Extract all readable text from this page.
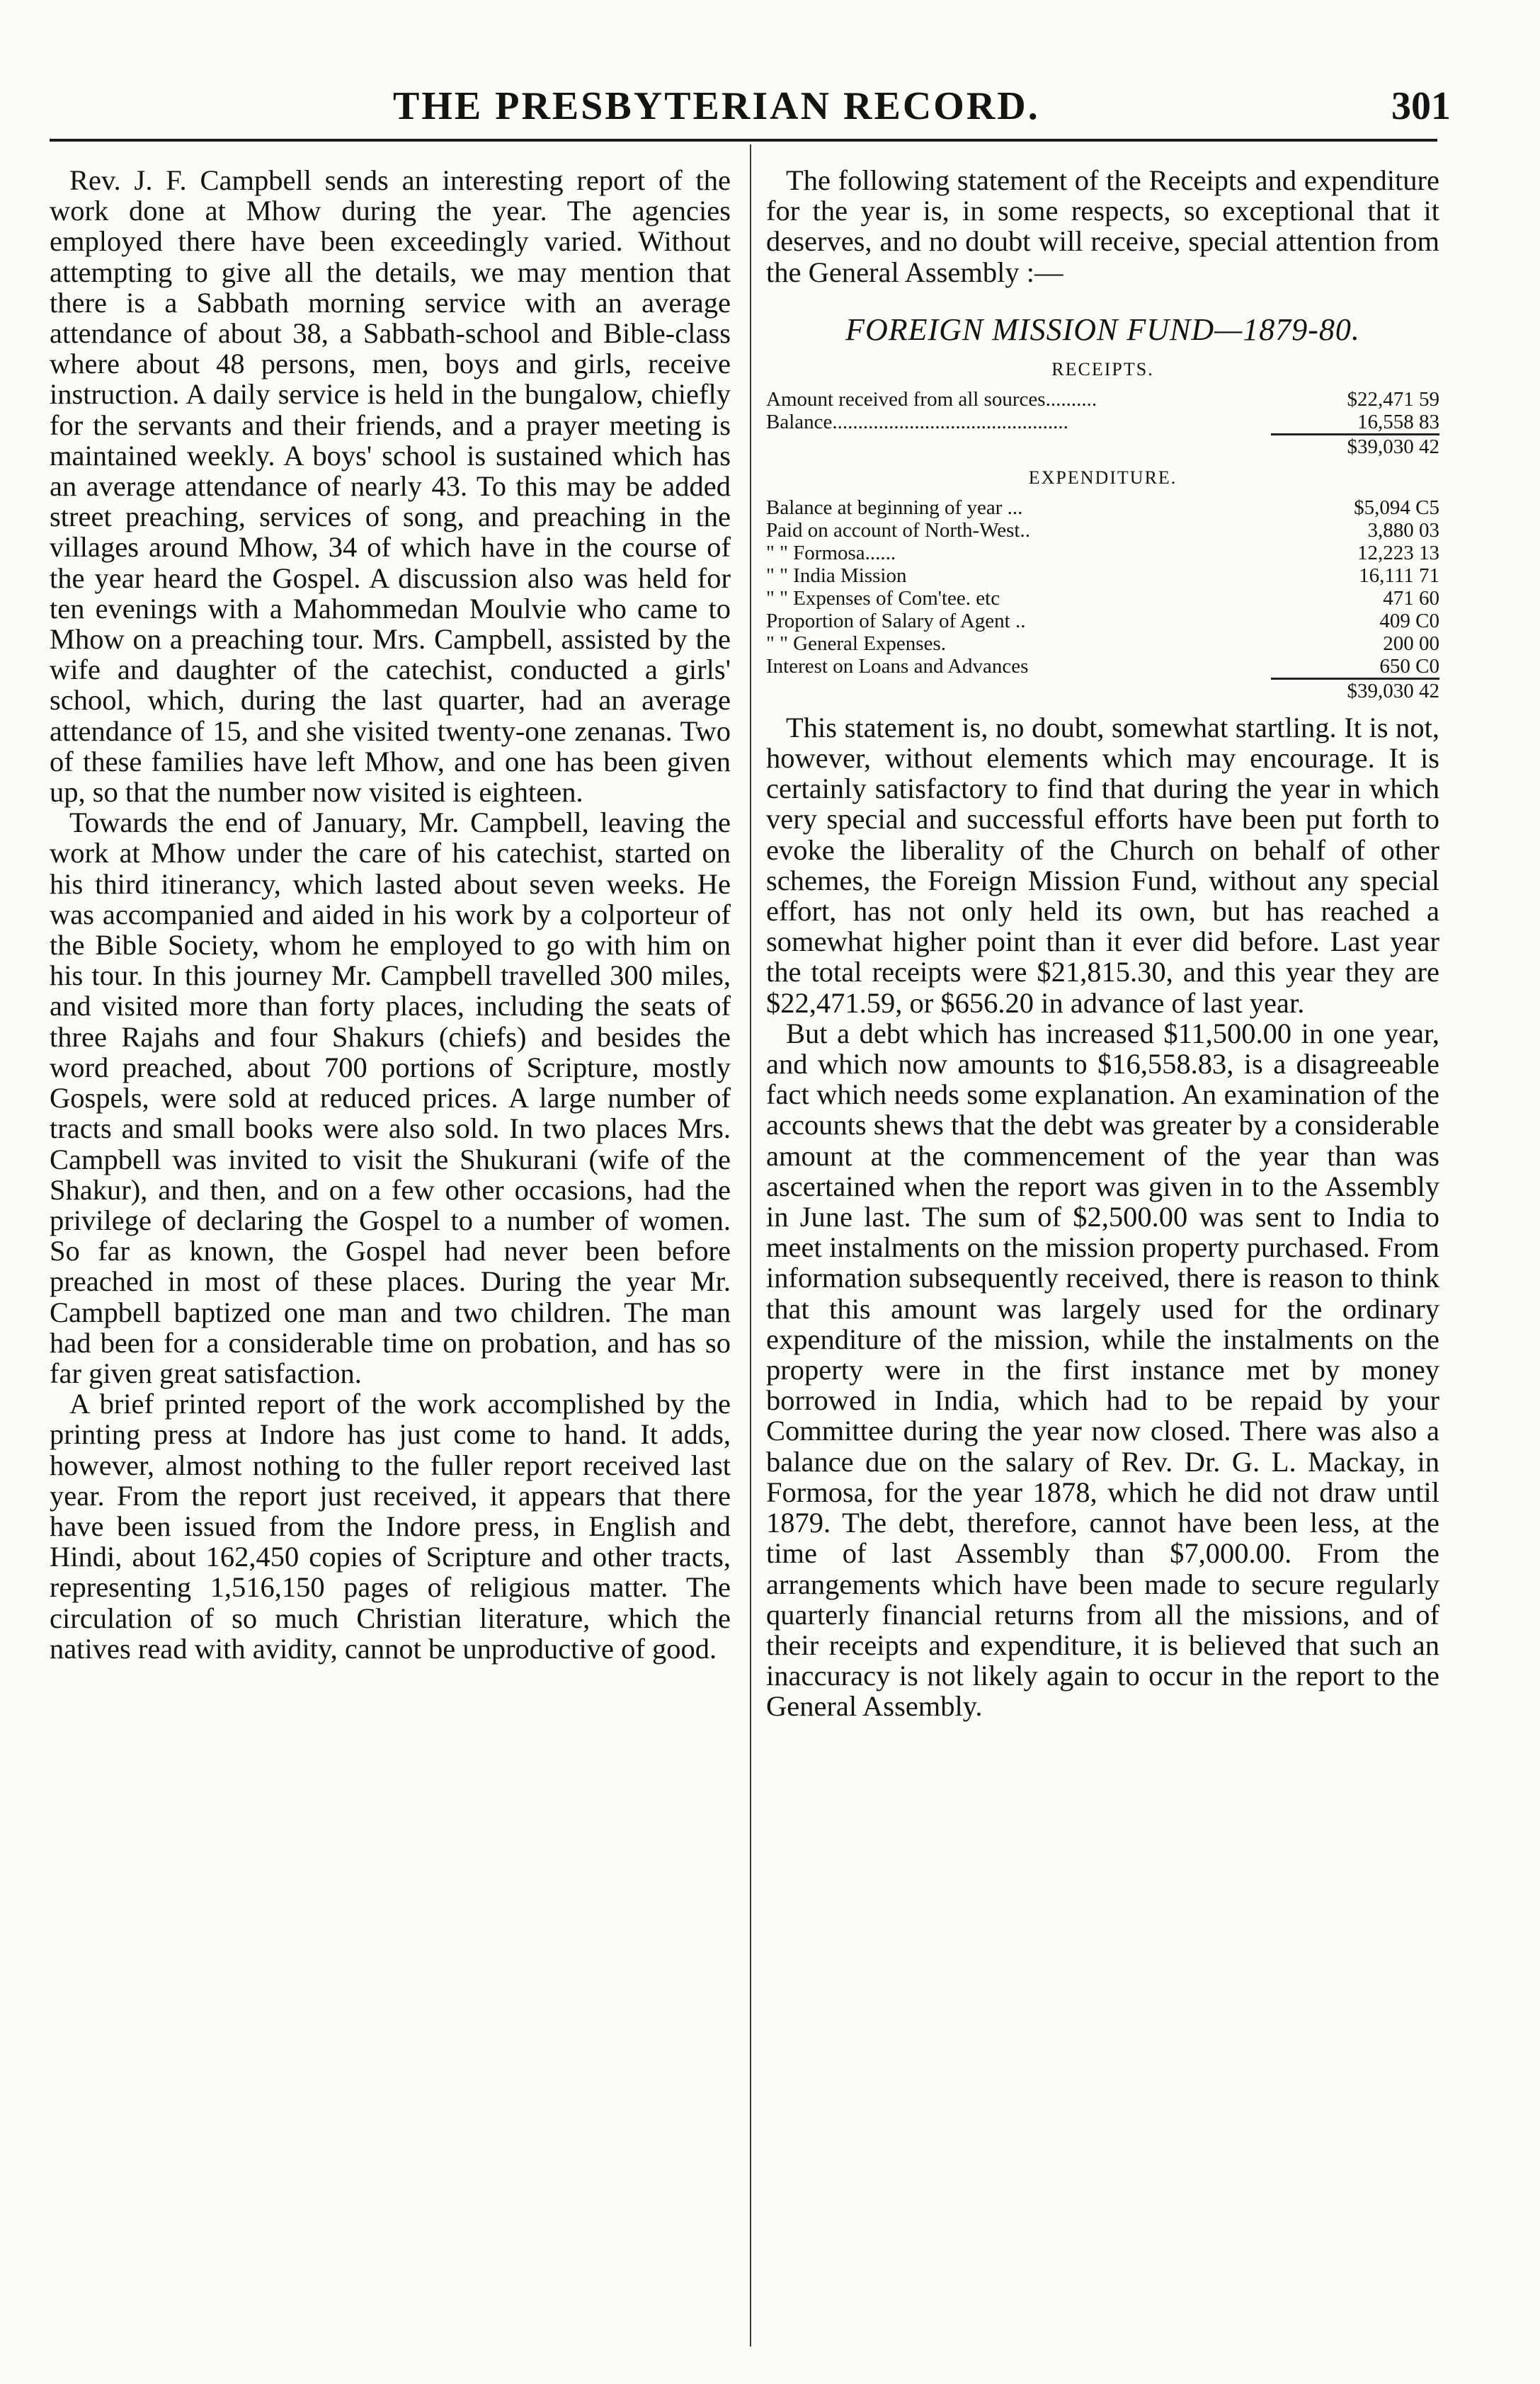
THE PRESBYTERIAN RECORD.	301

Rev. J. F. Campbell sends an interesting report of the work done at Mhow during the year. The agencies employed there have been exceedingly varied. Without attempting to give all the details, we may mention that there is a Sabbath morning service with an average attendance of about 38, a Sabbath-school and Bible-class where about 48 persons, men, boys and girls, receive instruction. A daily service is held in the bungalow, chiefly for the servants and their friends, and a prayer meeting is maintained weekly. A boys' school is sustained which has an average attendance of nearly 43. To this may be added street preaching, services of song, and preaching in the villages around Mhow, 34 of which have in the course of the year heard the Gospel. A discussion also was held for ten evenings with a Mahommedan Moulvie who came to Mhow on a preaching tour. Mrs. Campbell, assisted by the wife and daughter of the catechist, conducted a girls' school, which, during the last quarter, had an average attendance of 15, and she visited twenty-one zenanas. Two of these families have left Mhow, and one has been given up, so that the number now visited is eighteen.

Towards the end of January, Mr. Campbell, leaving the work at Mhow under the care of his catechist, started on his third itinerancy, which lasted about seven weeks. He was accompanied and aided in his work by a colporteur of the Bible Society, whom he employed to go with him on his tour. In this journey Mr. Campbell travelled 300 miles, and visited more than forty places, including the seats of three Rajahs and four Shakurs (chiefs) and besides the word preached, about 700 portions of Scripture, mostly Gospels, were sold at reduced prices. A large number of tracts and small books were also sold. In two places Mrs. Campbell was invited to visit the Shukurani (wife of the Shakur), and then, and on a few other occasions, had the privilege of declaring the Gospel to a number of women. So far as known, the Gospel had never been before preached in most of these places. During the year Mr. Campbell baptized one man and two children. The man had been for a considerable time on probation, and has so far given great satisfaction.

A brief printed report of the work accomplished by the printing press at Indore has just come to hand. It adds, however, almost nothing to the fuller report received last year. From the report just received, it appears that there have been issued from the Indore press, in English and Hindi, about 162,450 copies of Scripture and other tracts, representing 1,516,150 pages of religious matter. The circulation of so much Christian literature, which the natives read with avidity, cannot be unproductive of good.

The following statement of the Receipts and expenditure for the year is, in some respects, so exceptional that it deserves, and no doubt will receive, special attention from the General Assembly :—

FOREIGN MISSION FUND—1879-80.
RECEIPTS.
Amount received from all sources..........	$22,471 59
Balance..............................................	16,558 83
	$39,030 42
EXPENDITURE.
Balance at beginning of year ...	$5,094 C5
Paid on account of North-West..	3,880 03
" " Formosa......	12,223 13
" " India Mission	16,111 71
" " Expenses of Com'tee. etc	471 60
Proportion of Salary of Agent ..	409 C0
" " General Expenses.	200 00
Interest on Loans and Advances	650 C0
	$39,030 42

This statement is, no doubt, somewhat startling. It is not, however, without elements which may encourage. It is certainly satisfactory to find that during the year in which very special and successful efforts have been put forth to evoke the liberality of the Church on behalf of other schemes, the Foreign Mission Fund, without any special effort, has not only held its own, but has reached a somewhat higher point than it ever did before. Last year the total receipts were $21,815.30, and this year they are $22,471.59, or $656.20 in advance of last year.

But a debt which has increased $11,500.00 in one year, and which now amounts to $16,558.83, is a disagreeable fact which needs some explanation. An examination of the accounts shews that the debt was greater by a considerable amount at the commencement of the year than was ascertained when the report was given in to the Assembly in June last. The sum of $2,500.00 was sent to India to meet instalments on the mission property purchased. From information subsequently received, there is reason to think that this amount was largely used for the ordinary expenditure of the mission, while the instalments on the property were in the first instance met by money borrowed in India, which had to be repaid by your Committee during the year now closed. There was also a balance due on the salary of Rev. Dr. G. L. Mackay, in Formosa, for the year 1878, which he did not draw until 1879. The debt, therefore, cannot have been less, at the time of last Assembly than $7,000.00. From the arrangements which have been made to secure regularly quarterly financial returns from all the missions, and of their receipts and expenditure, it is believed that such an inaccuracy is not likely again to occur in the report to the General Assembly.
